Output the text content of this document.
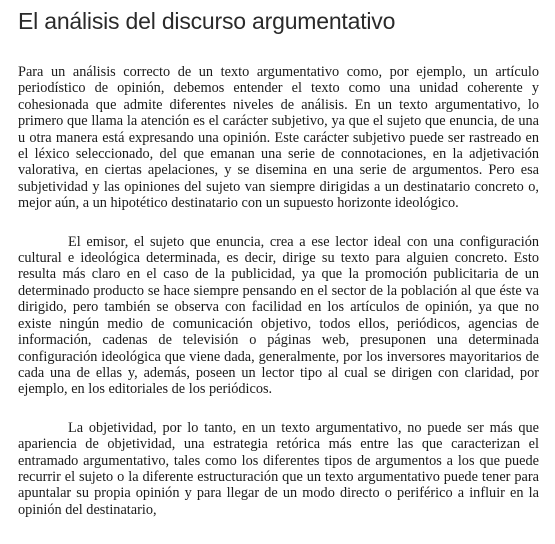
El análisis del discurso argumentativo

Para un análisis correcto de un texto argumentativo como, por ejemplo, un artículo periodístico de opinión, debemos entender el texto como una unidad coherente y cohesionada que admite diferentes niveles de análisis. En un texto argumentativo, lo primero que llama la atención es el carácter subjetivo, ya que el sujeto que enuncia, de una u otra manera está expresando una opinión. Este carácter subjetivo puede ser rastreado en el léxico seleccionado, del que emanan una serie de connotaciones, en la adjetivación valorativa, en ciertas apelaciones, y se disemina en una serie de argumentos. Pero esa subjetividad y las opiniones del sujeto van siempre dirigidas a un destinatario concreto o, mejor aún, a un hipotético destinatario con un supuesto horizonte ideológico.

El emisor, el sujeto que enuncia, crea a ese lector ideal con una configuración cultural e ideológica determinada, es decir, dirige su texto para alguien concreto. Esto resulta más claro en el caso de la publicidad, ya que la promoción publicitaria de un determinado producto se hace siempre pensando en el sector de la población al que éste va dirigido, pero también se observa con facilidad en los artículos de opinión, ya que no existe ningún medio de comunicación objetivo, todos ellos, periódicos, agencias de información, cadenas de televisión o páginas web, presuponen una determinada configuración ideológica que viene dada, generalmente, por los inversores mayoritarios de cada una de ellas y, además, poseen un lector tipo al cual se dirigen con claridad, por ejemplo, en los editoriales de los periódicos.

La objetividad, por lo tanto, en un texto argumentativo, no puede ser más que apariencia de objetividad, una estrategia retórica más entre las que caracterizan el entramado argumentativo, tales como los diferentes tipos de argumentos a los que puede recurrir el sujeto o la diferente estructuración que un texto argumentativo puede tener para apuntalar su propia opinión y para llegar de un modo directo o periférico a influir en la opinión del destinatario,
